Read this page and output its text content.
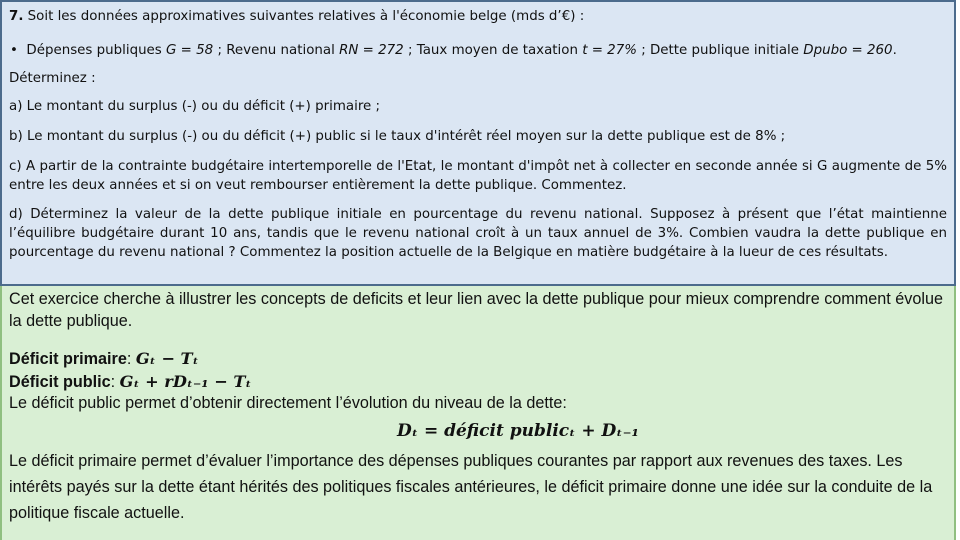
7. Soit les données approximatives suivantes relatives à l'économie belge (mds d’€) :

• Dépenses publiques G = 58 ; Revenu national RN = 272 ; Taux moyen de taxation t = 27% ; Dette publique initiale Dpubo = 260.

Déterminez :

a) Le montant du surplus (-) ou du déficit (+) primaire ;

b) Le montant du surplus (-) ou du déficit (+) public si le taux d'intérêt réel moyen sur la dette publique est de 8% ;

c) A partir de la contrainte budgétaire intertemporelle de l'Etat, le montant d'impôt net à collecter en seconde année si G augmente de 5% entre les deux années et si on veut rembourser entièrement la dette publique. Commentez.

d) Déterminez la valeur de la dette publique initiale en pourcentage du revenu national. Supposez à présent que l’état maintienne l’équilibre budgétaire durant 10 ans, tandis que le revenu national croît à un taux annuel de 3%. Combien vaudra la dette publique en pourcentage du revenu national ? Commentez la position actuelle de la Belgique en matière budgétaire à la lueur de ces résultats.

Cet exercice cherche à illustrer les concepts de deficits et leur lien avec la dette publique pour mieux comprendre comment évolue la dette publique.

Déficit primaire: Gₜ − Tₜ

Déficit public: Gₜ + rDₜ₋₁ − Tₜ

Le déficit public permet d’obtenir directement l’évolution du niveau de la dette:

Dₜ = déficit publicₜ + Dₜ₋₁

Le déficit primaire permet d’évaluer l’importance des dépenses publiques courantes par rapport aux revenues des taxes. Les intérêts payés sur la dette étant hérités des politiques fiscales antérieures, le déficit primaire donne une idée sur la conduite de la politique fiscale actuelle.
